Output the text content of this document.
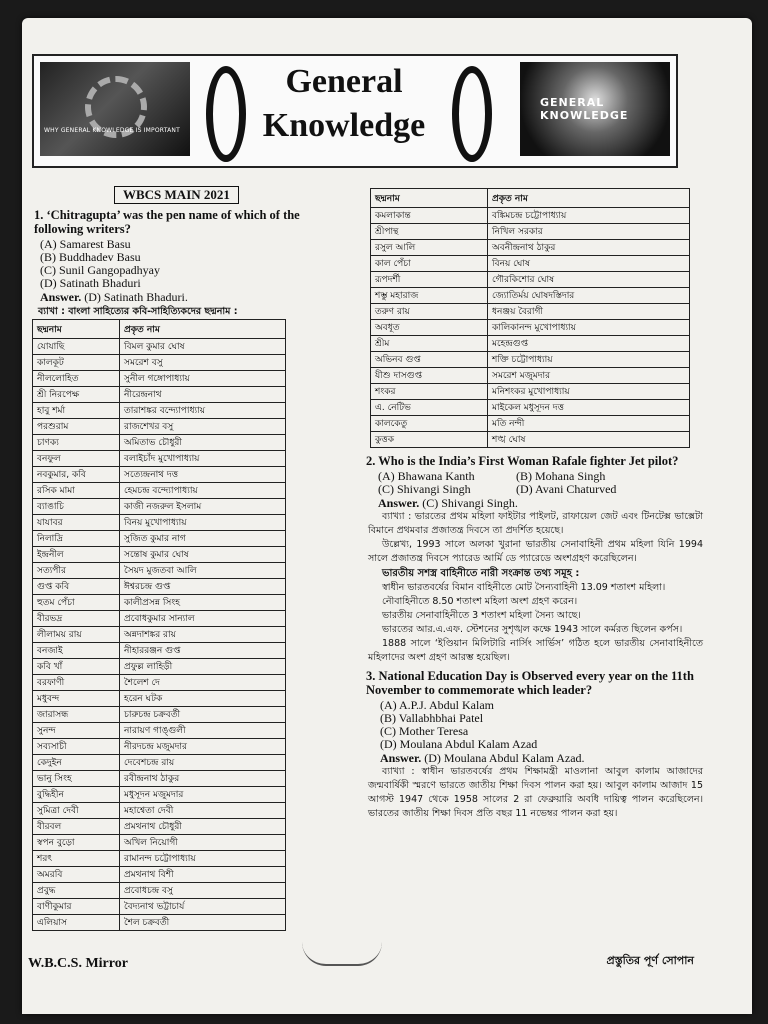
WHY GENERAL KNOWLEDGE IS IMPORTANT
General
Knowledge
GENERAL KNOWLEDGE
WBCS MAIN 2021
1. ‘Chitragupta’ was the pen name of which of the following writers?
(A) Samarest Basu
(B) Buddhadev Basu
(C) Sunil Gangopadhyay
(D) Satinath Bhaduri
Answer. (D) Satinath Bhaduri.
ব্যাখা : বাংলা সাহিত্যের কবি-সাহিত্যিকদের ছদ্মনাম :
ছদ্মনাম	প্রকৃত নাম
যোযাছি	বিমল কুমার ঘোষ
কালকূট	সমরেশ বসু
নীললোহিত	সুনীল গঙ্গোপাধ্যায়
শ্রী নিরপেক্ষ	নীরেন্দ্রনাথ
হাবু শর্মা	তারাশঙ্কর বন্দ্যোপাধ্যায়
পরশুরাম	রাজশেখর বসু
চাণক্য	অমিতাভ চৌধুরী
বনফুল	বলাইচাঁদ মুখোপাধ্যায়
নবকুমার, কবি	সত্যেন্দ্রনাথ দত্ত
রসিক মামা	হেমচন্দ্র বন্দ্যোপাধ্যায়
ব্যাঙাচি	কাজী নজরুল ইসলাম
যাযাবর	বিনয় মুখোপাধ্যায়
নিলাদ্রি	সুজিত কুমার নাগ
ইন্দ্রনীল	সন্তোষ কুমার ঘোষ
সত্যপীর	সৈয়দ মুজতবা আলি
গুপ্ত কবি	ঈশ্বরচন্দ্র গুপ্ত
হুতম পেঁচা	কালীপ্রসন্ন সিংহ
বীরভদ্র	প্রবোধকুমার সান্যাল
লীলাময় রায়	অন্নদাশঙ্কর রায়
বনজাই	নীহাররঞ্জন গুপ্ত
কবি খাঁ	প্রফুল্ল লাহিড়ী
বরফাণী	শৈলেশ দে
মধুবন্দ	হরেন ঘটক
জারাসন্ধ	চারুচন্দ্র চক্রবর্তী
সুনন্দ	নারায়ণ গাঙ্গুলী
সব্যসাচী	নীরদচন্দ্র মজুমদার
কেদুইন	দেবেশচন্দ্র রায়
ভানু সিংহ	রবীন্দ্রনাথ ঠাকুর
বুদ্ধিহীন	মধুসূদন মজুমদার
সুমিত্রা দেবী	মহাশ্বেতা দেবী
বীরবল	প্রমথনাথ চৌধুরী
স্বপন বুড়ো	অখিল নিয়োগী
শরৎ	রামানন্দ চট্টোপাধ্যায়
অমরবি	প্রমথনাথ বিশী
প্রবুদ্ধ	প্রবোধচন্দ্র বসু
বাণীকুমার	বৈদ্যনাথ ভট্টাচার্য
এলিয়াস	শৈল চক্রবর্তী
ছদ্মনাম	প্রকৃত নাম
কমলাকান্ত	বঙ্কিমচন্দ্র চট্টোপাধ্যায়
শ্রীপান্থ	নিখিল সরকার
রসুল আলি	অবনীন্দ্রনাথ ঠাকুর
কাল পেঁচা	বিনয় ঘোষ
রূপদর্শী	গৌরকিশোর ঘোষ
শম্ভু মহারাজ	জ্যোতির্ময় ঘোষদস্তিদার
তরুণ রায়	ধনঞ্জয় বৈরাগী
অবধূত	কালিকানন্দ মুখোপাধ্যায়
শ্রীম	মহেন্দ্রগুপ্ত
অভিনব গুপ্ত	শক্তি চট্টোপাধ্যায়
যীশু দাসগুপ্ত	সমরেশ মজুমদার
শংকর	মনিশংকর মুখোপাধ্যায়
এ. নেটিভ	মাইকেল মধুসূদন দত্ত
কালকেতু	মতি নন্দী
কুত্তক	শঙ্খ ঘোষ
2. Who is the India’s First Woman Rafale fighter Jet pilot?
(A) Bhawana Kanth	(B) Mohana Singh
(C) Shivangi Singh	(D) Avani Chaturved
Answer. (C) Shivangi Singh.
ব্যাখ্যা : ভারতের প্রথম মহিলা ফাইটার পাইলট, রাফায়েল জেট এবং টিনটেক্স ভাক্সেটা বিমানে প্রথমবার প্রজাতন্ত্র দিবসে তা প্রদর্শিত হয়েছে।
উল্লেখ্য, 1993 সালে অলকা খুরানা ভারতীয় সেনাবাহিনী প্রথম মহিলা যিনি 1994 সালে প্রজাতন্ত্র দিবসে প্যারেড আর্মি ডে প্যারেডে অংশগ্রহণ করেছিলেন।
ভারতীয় সশস্ত্র বাহিনীতে নারী সংক্রান্ত তথ্য সমূহ :
স্বাধীন ভারতবর্ষের বিমান বাহিনীতে মোট সৈন্যবাহিনী 13.09 শতাংশ মহিলা।
নৌবাহিনীতে 8.50 শতাংশ মহিলা অংশ গ্রহণ করেন।
ভারতীয় সেনাবাহিনীতে 3 শতাংশ মহিলা সৈন্য আছে।
ভারতের আর.এ.এফ. স্টেশনের সুশৃঙ্খল কক্ষে 1943 সালে কর্মরত ছিলেন কর্পস।
1888 সালে ‘ইণ্ডিয়ান মিলিটারি নার্সিং সার্ভিস’ গঠিত হলে ভারতীয় সেনাবাহিনীতে মহিলাদের অংশ গ্রহণ আরম্ভ হয়েছিল।
3. National Education Day is Observed every year on the 11th November to commemorate which leader?
(A) A.P.J. Abdul Kalam
(B) Vallabhbhai Patel
(C) Mother Teresa
(D) Moulana Abdul Kalam Azad
Answer. (D) Moulana Abdul Kalam Azad.
ব্যাখ্যা : স্বাধীন ভারতবর্ষের প্রথম শিক্ষামন্ত্রী মাওলানা আবুল কালাম আজাদের জন্মবার্ষিকী স্মরণে ভারতে জাতীয় শিক্ষা দিবস পালন করা হয়। আবুল কালাম আজাদ 15 আগস্ট 1947 থেকে 1958 সালের 2 রা ফেব্রুয়ারি অবধি দায়িত্ব পালন করেছিলেন। ভারতের জাতীয় শিক্ষা দিবস প্রতি বছর 11 নভেম্বর পালন করা হয়।
W.B.C.S. Mirror	প্রস্তুতির পূর্ণ সোপান
